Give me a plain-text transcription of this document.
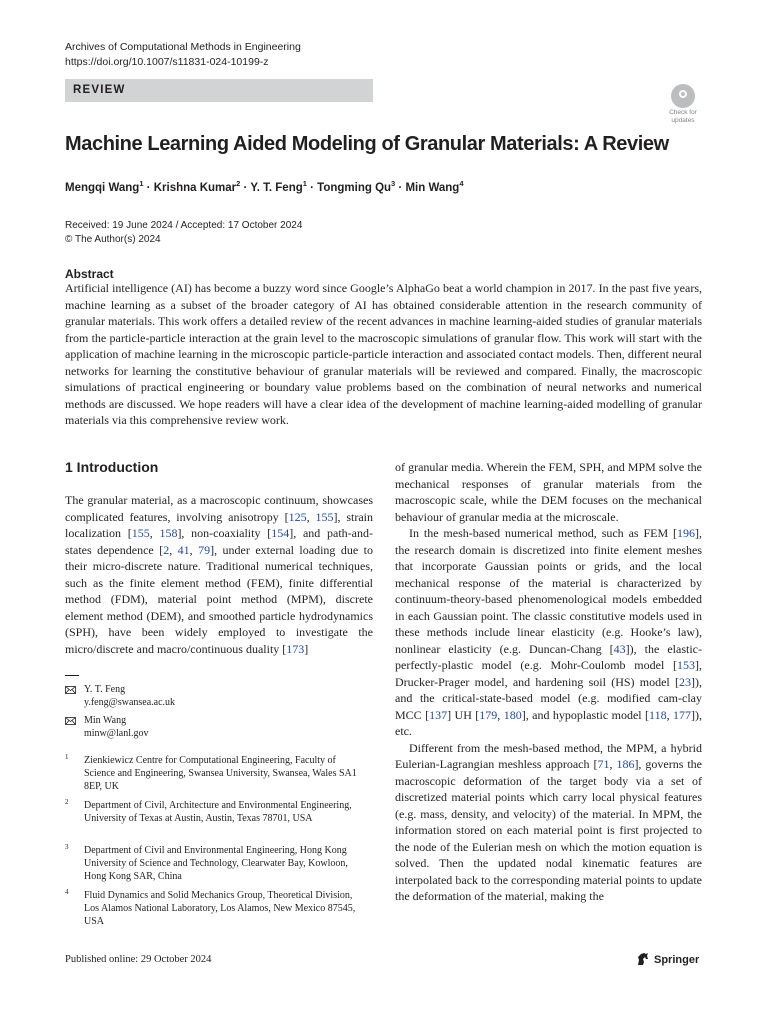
Archives of Computational Methods in Engineering
https://doi.org/10.1007/s11831-024-10199-z
REVIEW
Check for
updates
Machine Learning Aided Modeling of Granular Materials: A Review
Mengqi Wang$^1$ · Krishna Kumar$^2$ · Y. T. Feng$^1$ · Tongming $Qu^3$ · Min Wang$^4$
Received: 19 June 2024 / Accepted: 17 October 2024
© The Author(s) 2024
Abstract

Artificial intelligence (AI) has become a buzzy word since Google’s AlphaGo beat a world champion in 2017. In the past five years, machine learning as a subset of the broader category of AI has obtained considerable attention in the research community of granular materials. This work offers a detailed review of the recent advances in machine learning-aided studies of granular materials from the particle-particle interaction at the grain level to the macroscopic simulations of granular flow. This work will start with the application of machine learning in the microscopic particle-particle interaction and associated contact models. Then, different neural networks for learning the constitutive behaviour of granular materials will be reviewed and compared. Finally, the macroscopic simulations of practical engineering or boundary value problems based on the combination of neural networks and numerical methods are discussed. We hope readers will have a clear idea of the development of machine learning-aided modelling of granular materials via this comprehensive review work.

1 Introduction

The granular material, as a macroscopic continuum, showcases complicated features, involving anisotropy [125, 155], strain localization [155, 158], non-coaxiality [154], and path-and-states dependence [2, 41, 79], under external loading due to their micro-discrete nature. Traditional numerical techniques, such as the finite element method (FEM), finite differential method (FDM), material point method (MPM), discrete element method (DEM), and smoothed particle hydrodynamics (SPH), have been widely employed to investigate the micro/discrete and macro/continuous duality [173]

of granular media. Wherein the FEM, SPH, and MPM solve the mechanical responses of granular materials from the macroscopic scale, while the DEM focuses on the mechanical behaviour of granular media at the microscale.

In the mesh-based numerical method, such as FEM [196], the research domain is discretized into finite element meshes that incorporate Gaussian points or grids, and the local mechanical response of the material is characterized by continuum-theory-based phenomenological models embedded in each Gaussian point. The classic constitutive models used in these methods include linear elasticity (e.g. Hooke’s law), nonlinear elasticity (e.g. Duncan-Chang [43]), the elastic-perfectly-plastic model (e.g. Mohr-Coulomb model [153], Drucker-Prager model, and hardening soil (HS) model [23]), and the critical-state-based model (e.g. modified cam-clay MCC [137] UH [179, 180], and hypoplastic model [118, 177]), etc.

Different from the mesh-based method, the MPM, a hybrid Eulerian-Lagrangian meshless approach [71, 186], governs the macroscopic deformation of the target body via a set of discretized material points which carry local physical features (e.g. mass, density, and velocity) of the material. In MPM, the information stored on each material point is first projected to the node of the Eulerian mesh on which the motion equation is solved. Then the updated nodal kinematic features are interpolated back to the corresponding material points to update the deformation of the material, making the

Y. T. Feng
y.feng@swansea.ac.uk
Min Wang
minw@lanl.gov
1 Zienkiewicz Centre for Computational Engineering, Faculty of Science and Engineering, Swansea University, Swansea, Wales SA1 8EP, UK
2 Department of Civil, Architecture and Environmental Engineering, University of Texas at Austin, Austin, Texas 78701, USA
3 Department of Civil and Environmental Engineering, Hong Kong University of Science and Technology, Clearwater Bay, Kowloon, Hong Kong SAR, China
4 Fluid Dynamics and Solid Mechanics Group, Theoretical Division, Los Alamos National Laboratory, Los Alamos, New Mexico 87545, USA
Published online: 29 October 2024	Springer
